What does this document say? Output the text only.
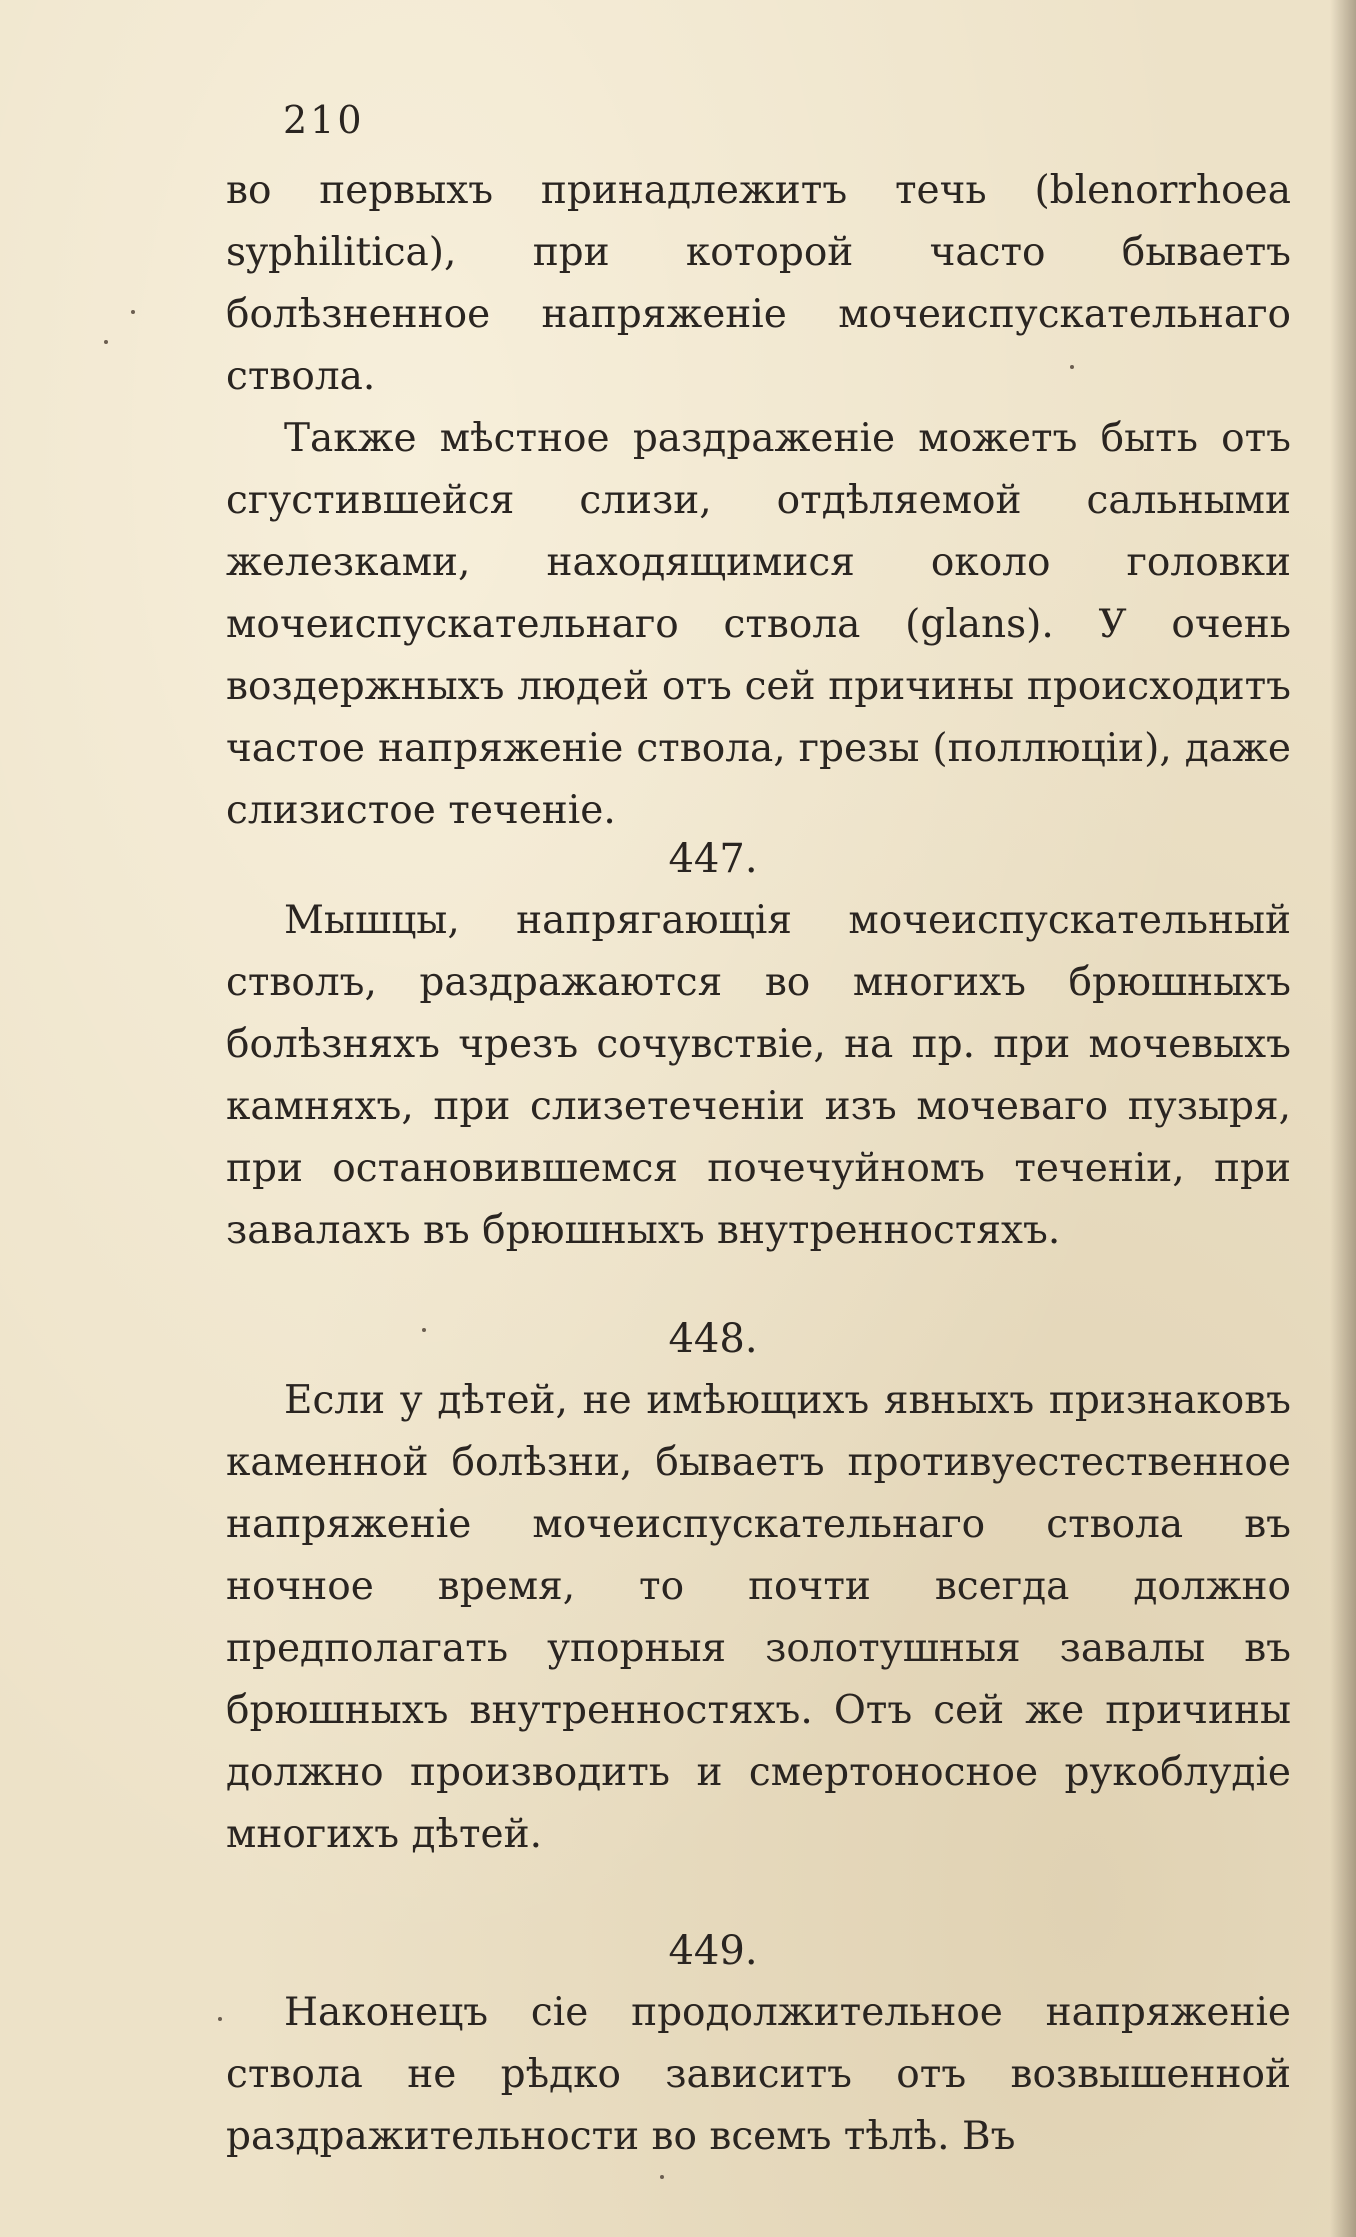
210

во первыхъ принадлежитъ течь (blenorrhoea syphilitica), при которой часто бываетъ болѣзненное напряженіе мочеиспускательнаго ствола.

Также мѣстное раздраженіе можетъ быть отъ сгустившейся слизи, отдѣляемой сальными железками, находящимися около головки мочеиспускательнаго ствола (glans). У очень воздержныхъ людей отъ сей причины происходитъ частое напряженіе ствола, грезы (поллюціи), даже слизистое теченіе.

447.

Мышцы, напрягающія мочеиспускательный стволъ, раздражаются во многихъ брюшныхъ болѣзняхъ чрезъ сочувствіе, на пр. при мочевыхъ камняхъ, при слизетеченіи изъ мочеваго пузыря, при остановившемся почечуйномъ теченіи, при завалахъ въ брюшныхъ внутренностяхъ.

448.

Если у дѣтей, не имѣющихъ явныхъ признаковъ каменной болѣзни, бываетъ противуестественное напряженіе мочеиспускательнаго ствола въ ночное время, то почти всегда должно предполагать упорныя золотушныя завалы въ брюшныхъ внутренностяхъ. Отъ сей же причины должно производить и смертоносное рукоблудіе многихъ дѣтей.

449.

Наконецъ сіе продолжительное напряженіе ствола не рѣдко зависитъ отъ возвышенной раздражительности во всемъ тѣлѣ. Въ
